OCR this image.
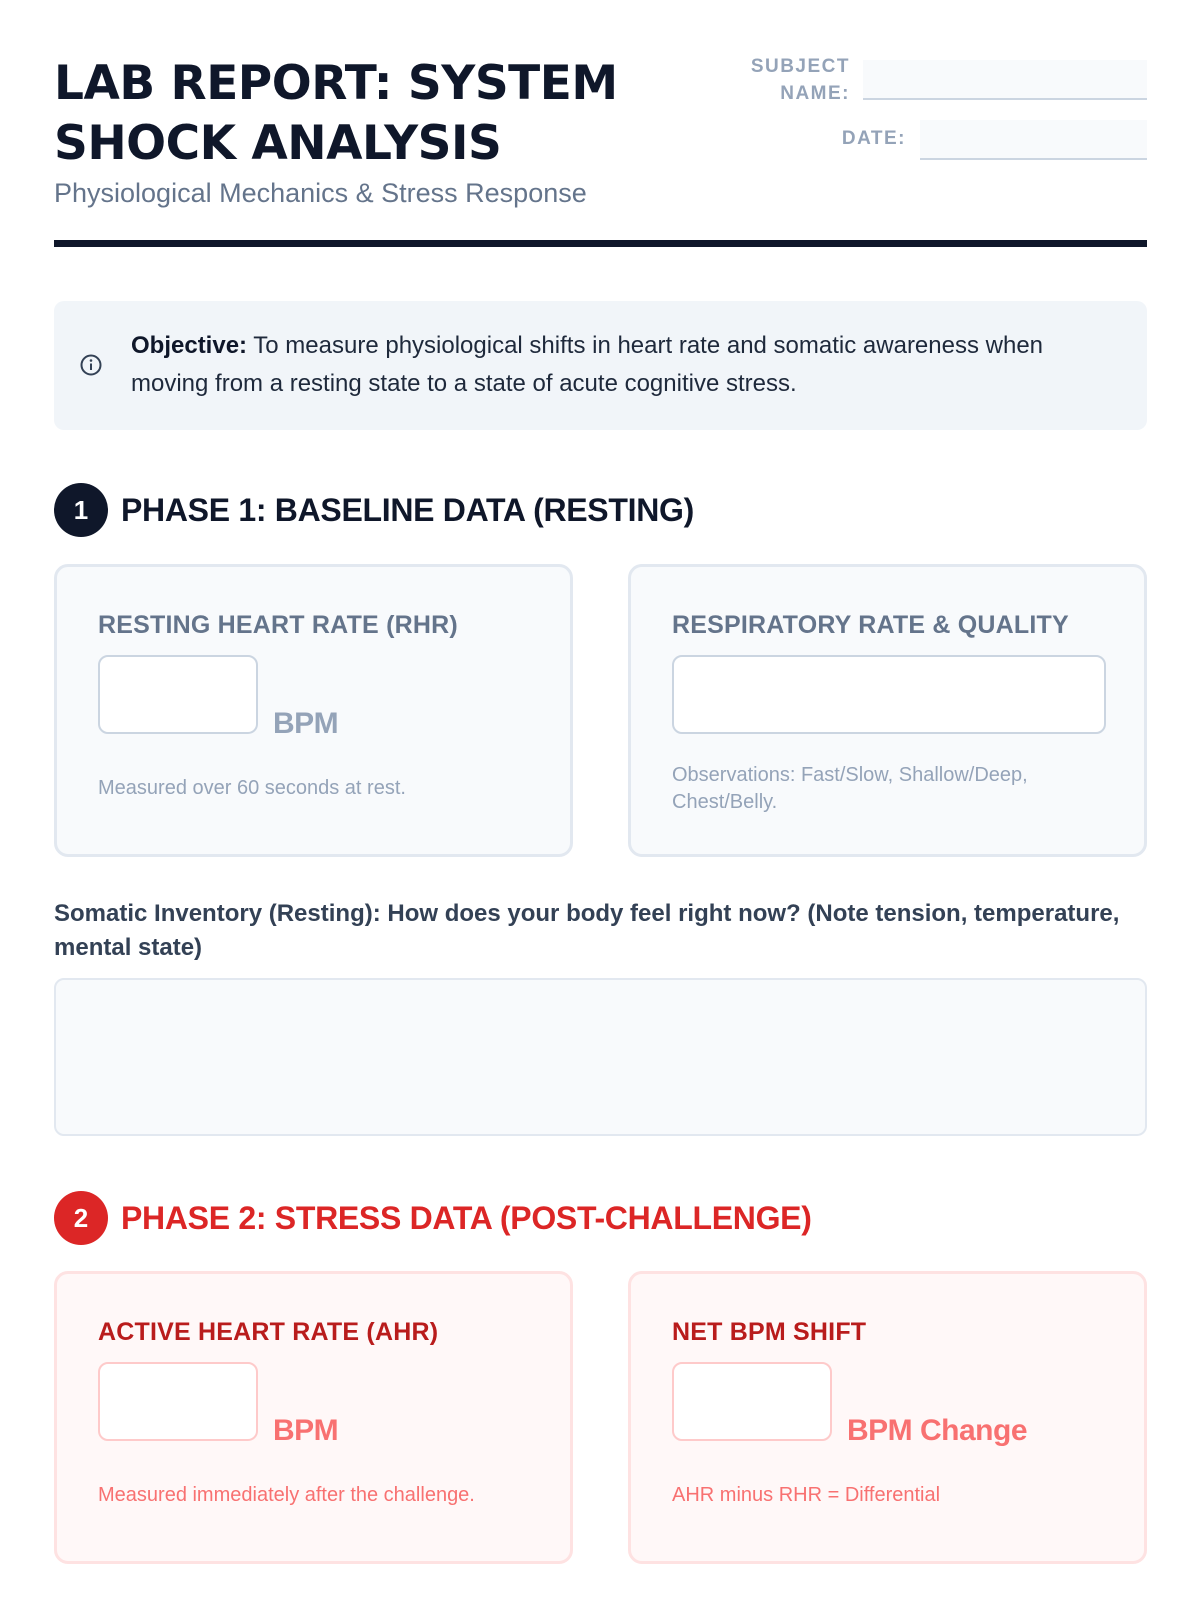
LAB REPORT: SYSTEM SHOCK ANALYSIS
Physiological Mechanics & Stress Response
SUBJECT NAME:
DATE:
Objective: To measure physiological shifts in heart rate and somatic awareness when moving from a resting state to a state of acute cognitive stress.
1	PHASE 1: BASELINE DATA (RESTING)
RESTING HEART RATE (RHR)
BPM
Measured over 60 seconds at rest.
RESPIRATORY RATE & QUALITY
Observations: Fast/Slow, Shallow/Deep, Chest/Belly.
Somatic Inventory (Resting): How does your body feel right now? (Note tension, temperature, mental state)
2	PHASE 2: STRESS DATA (POST-CHALLENGE)
ACTIVE HEART RATE (AHR)
BPM
Measured immediately after the challenge.
NET BPM SHIFT
BPM Change
AHR minus RHR = Differential
